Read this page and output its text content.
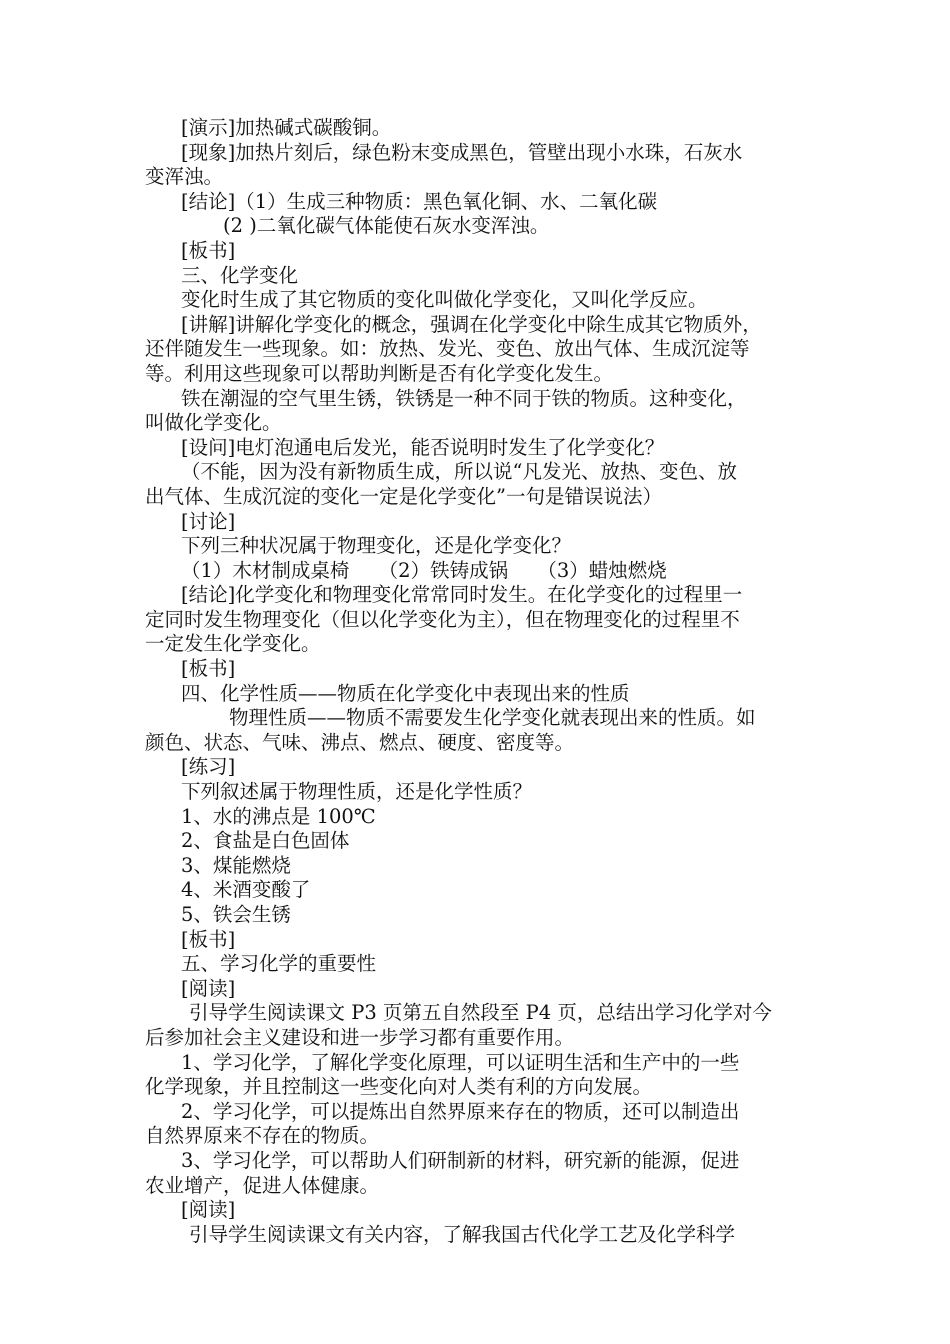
[演示]加热碱式碳酸铜。
[现象]加热片刻后，绿色粉末变成黑色，管壁出现小水珠，石灰水
变浑浊。
[结论]（1）生成三种物质：黑色氧化铜、水、二氧化碳
(2 )二氧化碳气体能使石灰水变浑浊。
[板书]
三、化学变化
变化时生成了其它物质的变化叫做化学变化，又叫化学反应。
[讲解]讲解化学变化的概念，强调在化学变化中除生成其它物质外，
还伴随发生一些现象。如：放热、发光、变色、放出气体、生成沉淀等
等。利用这些现象可以帮助判断是否有化学变化发生。
铁在潮湿的空气里生锈，铁锈是一种不同于铁的物质。这种变化，
叫做化学变化。
[设问]电灯泡通电后发光，能否说明时发生了化学变化？
（不能，因为没有新物质生成，所以说“凡发光、放热、变色、放
出气体、生成沉淀的变化一定是化学变化”一句是错误说法）
[讨论]
下列三种状况属于物理变化，还是化学变化？
（1）木材制成桌椅　　（2）铁铸成锅　　（3）蜡烛燃烧
[结论]化学变化和物理变化常常同时发生。在化学变化的过程里一
定同时发生物理变化（但以化学变化为主），但在物理变化的过程里不
一定发生化学变化。
[板书]
四、化学性质——物质在化学变化中表现出来的性质
物理性质——物质不需要发生化学变化就表现出来的性质。如
颜色、状态、气味、沸点、燃点、硬度、密度等。
[练习]
下列叙述属于物理性质，还是化学性质？
1、水的沸点是 100℃
2、食盐是白色固体
3、煤能燃烧
4、米酒变酸了
5、铁会生锈
[板书]
五、学习化学的重要性
[阅读]
引导学生阅读课文 P3 页第五自然段至 P4 页，总结出学习化学对今
后参加社会主义建设和进一步学习都有重要作用。
1、学习化学，了解化学变化原理，可以证明生活和生产中的一些
化学现象，并且控制这一些变化向对人类有利的方向发展。
2、学习化学，可以提炼出自然界原来存在的物质，还可以制造出
自然界原来不存在的物质。
3、学习化学，可以帮助人们研制新的材料，研究新的能源，促进
农业增产，促进人体健康。
[阅读]
引导学生阅读课文有关内容，了解我国古代化学工艺及化学科学
